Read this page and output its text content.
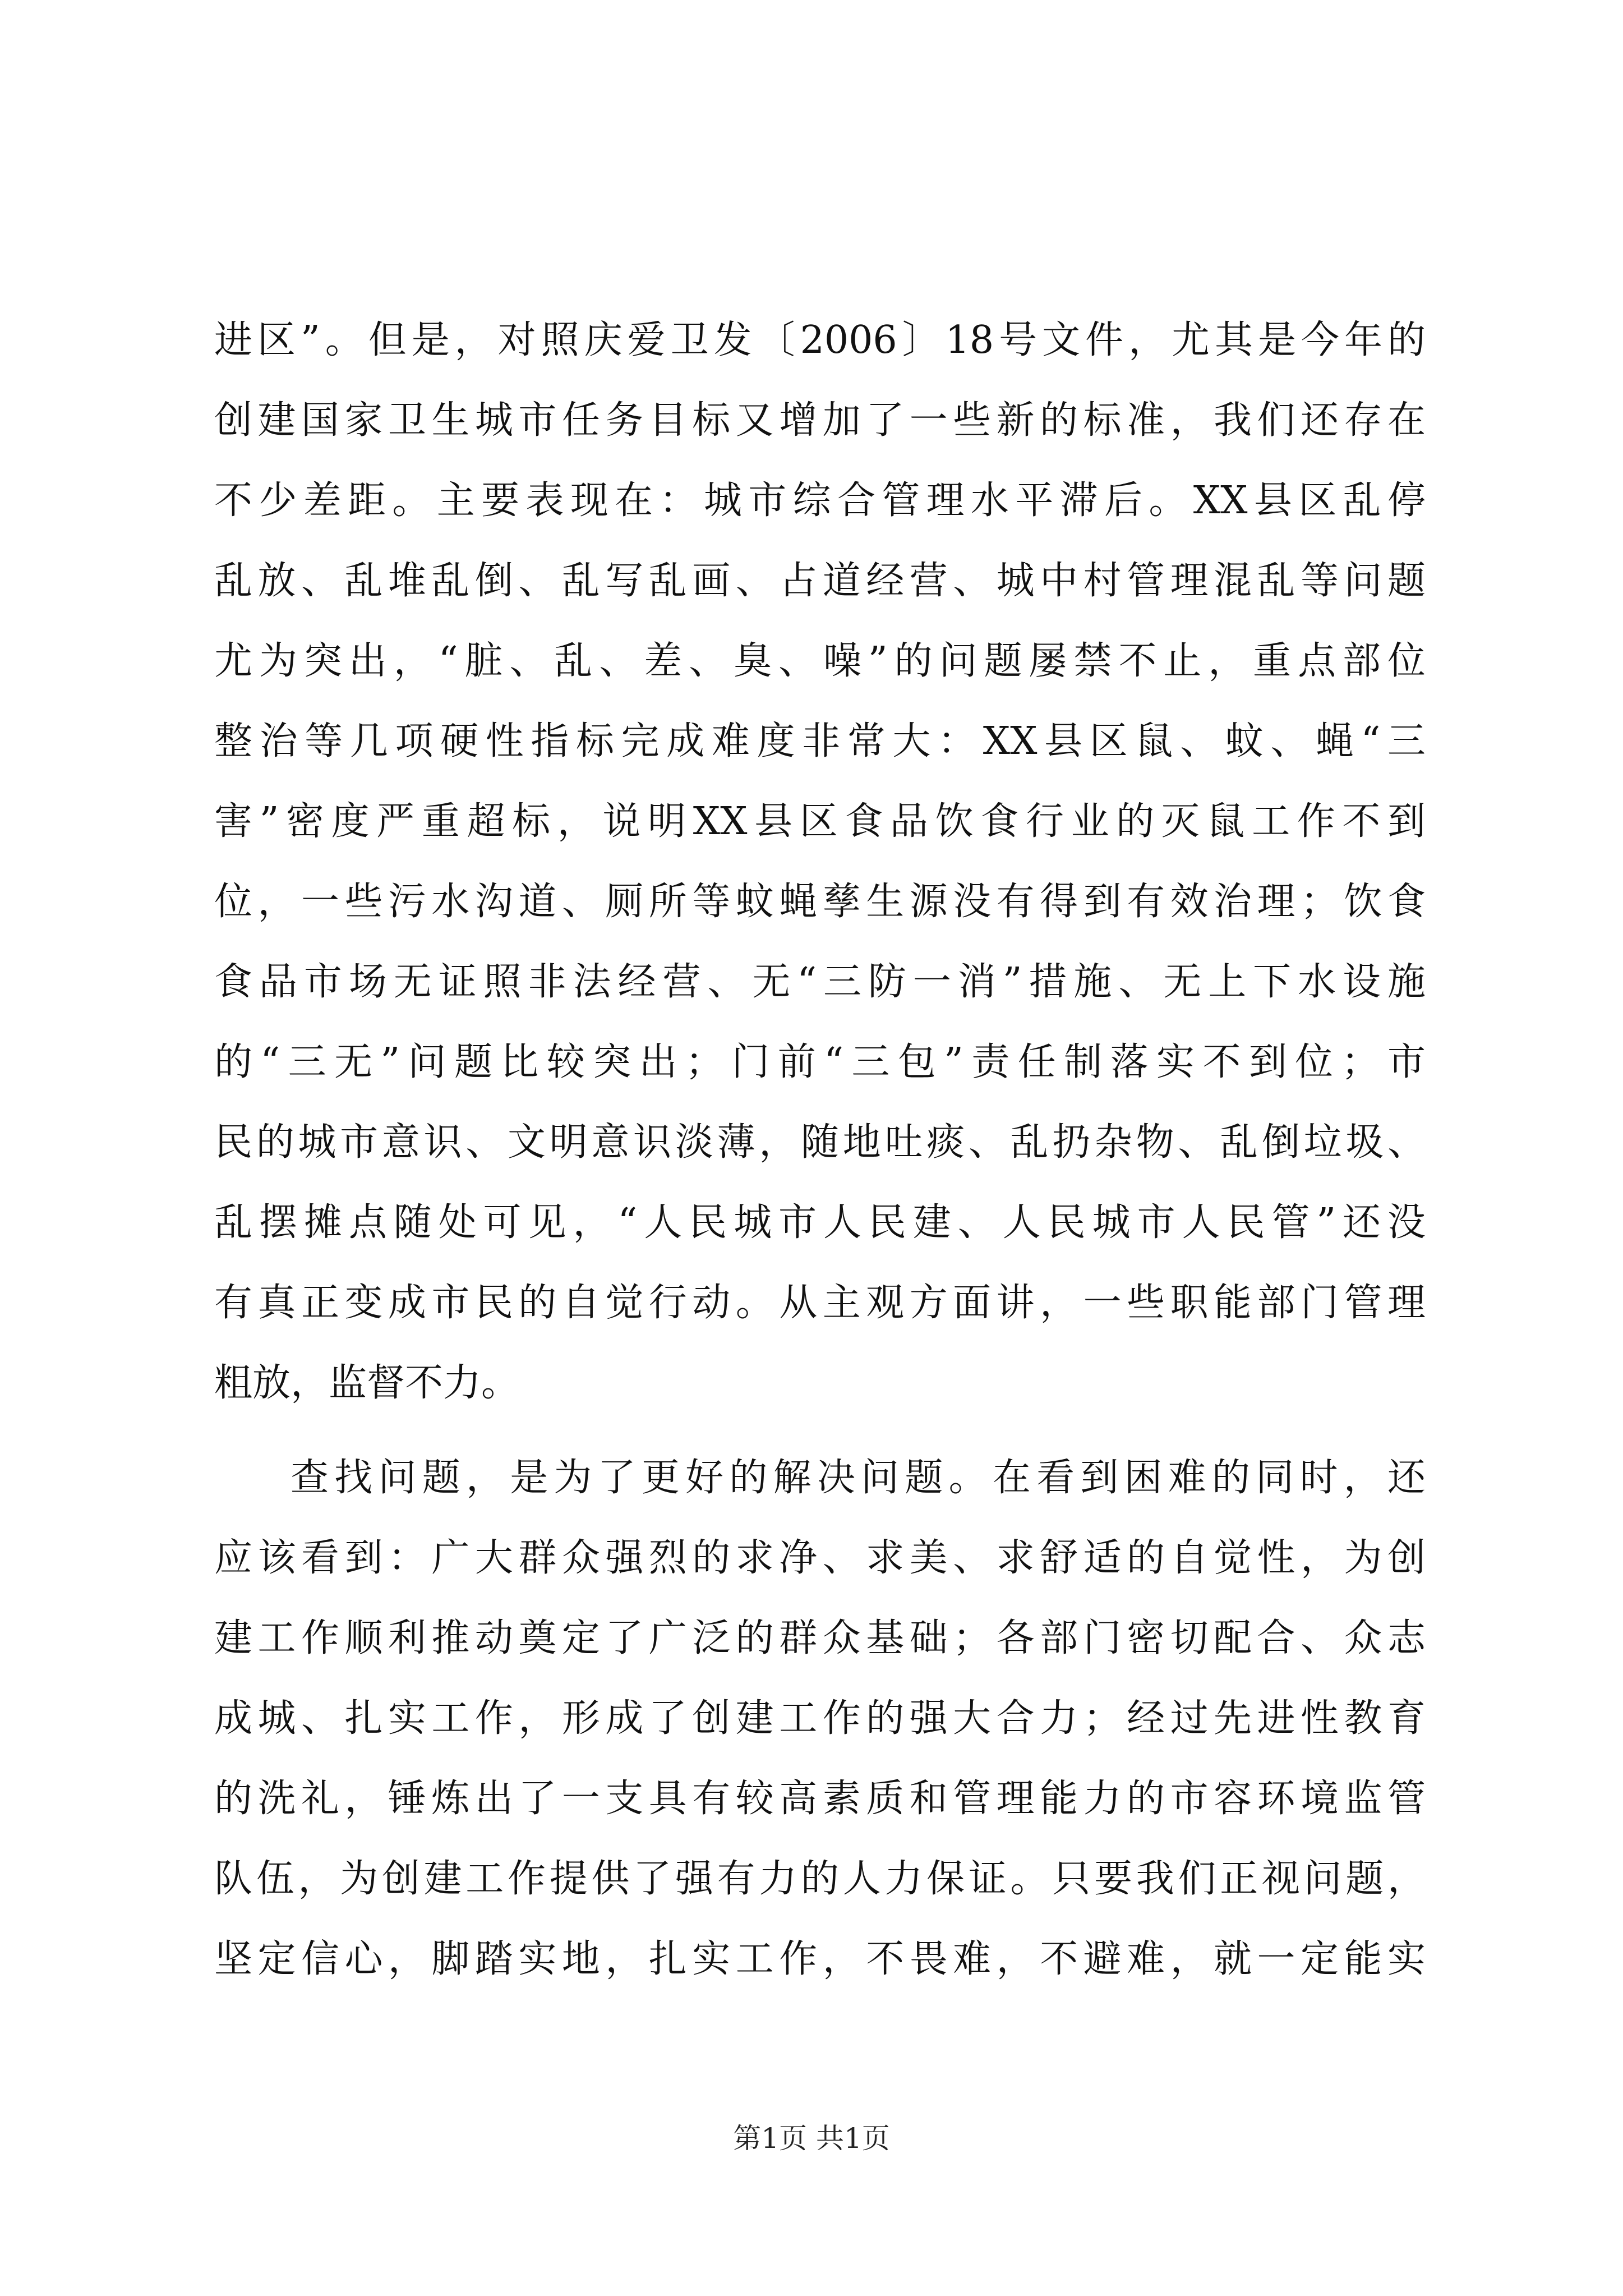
进区”。但是，对照庆爱卫发〔2006〕18号文件，尤其是今年的
创建国家卫生城市任务目标又增加了一些新的标准，我们还存在
不少差距。主要表现在：城市综合管理水平滞后。XX县区乱停
乱放、乱堆乱倒、乱写乱画、占道经营、城中村管理混乱等问题
尤为突出，“脏、乱、差、臭、噪”的问题屡禁不止，重点部位
整治等几项硬性指标完成难度非常大：XX县区鼠、蚊、蝇“三
害”密度严重超标，说明XX县区食品饮食行业的灭鼠工作不到
位，一些污水沟道、厕所等蚊蝇孳生源没有得到有效治理；饮食
食品市场无证照非法经营、无“三防一消”措施、无上下水设施
的“三无”问题比较突出；门前“三包”责任制落实不到位；市
民的城市意识、文明意识淡薄，随地吐痰、乱扔杂物、乱倒垃圾、
乱摆摊点随处可见，“人民城市人民建、人民城市人民管”还没
有真正变成市民的自觉行动。从主观方面讲，一些职能部门管理
粗放，监督不力。
查找问题，是为了更好的解决问题。在看到困难的同时，还
应该看到：广大群众强烈的求净、求美、求舒适的自觉性，为创
建工作顺利推动奠定了广泛的群众基础；各部门密切配合、众志
成城、扎实工作，形成了创建工作的强大合力；经过先进性教育
的洗礼，锤炼出了一支具有较高素质和管理能力的市容环境监管
队伍，为创建工作提供了强有力的人力保证。只要我们正视问题，
坚定信心，脚踏实地，扎实工作，不畏难，不避难，就一定能实
第1页 共1页
